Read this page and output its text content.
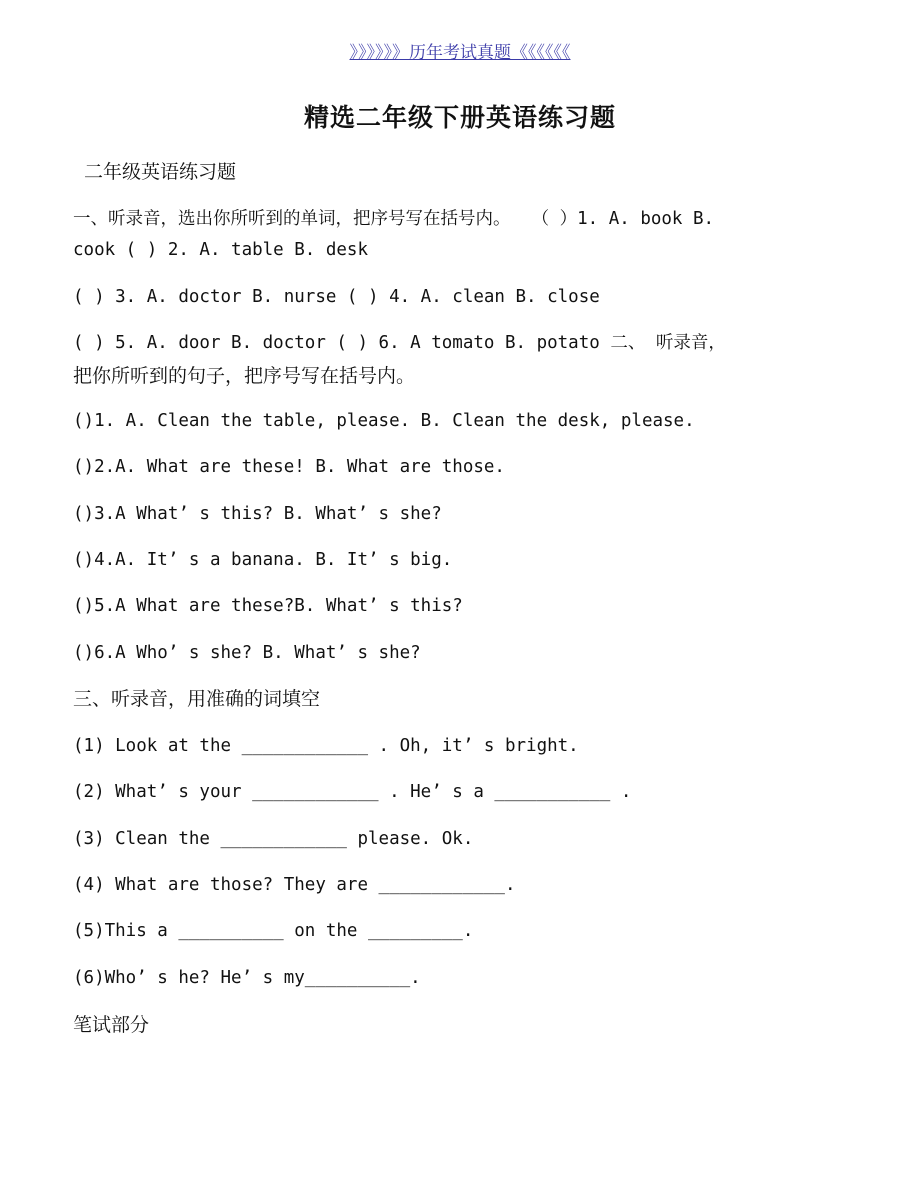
》》》》》》历年考试真题《《《《《《
精选二年级下册英语练习题
二年级英语练习题
一、听录音，选出你所听到的单词，把序号写在括号内。  （ ）1. A. book B.
cook ( ) 2. A. table B. desk
( ) 3. A. doctor B. nurse ( ) 4. A. clean B. close
( ) 5. A. door B. doctor ( ) 6. A tomato B. potato 二、 听录音，
把你所听到的句子，把序号写在括号内。
()1. A. Clean the table, please. B. Clean the desk, please.
()2.A. What are these! B. What are those.
()3.A What’ s this? B. What’ s she?
()4.A. It’ s a banana. B. It’ s big.
()5.A What are these?B. What’ s this?
()6.A Who’ s she? B. What’ s she?
三、听录音，用准确的词填空
(1) Look at the ____________ . Oh, it’ s bright.
(2) What’ s your ____________ . He’ s a ___________ .
(3) Clean the ____________ please. Ok.
(4) What are those? They are ____________.
(5)This a __________ on the _________.
(6)Who’ s he? He’ s my__________.
笔试部分
